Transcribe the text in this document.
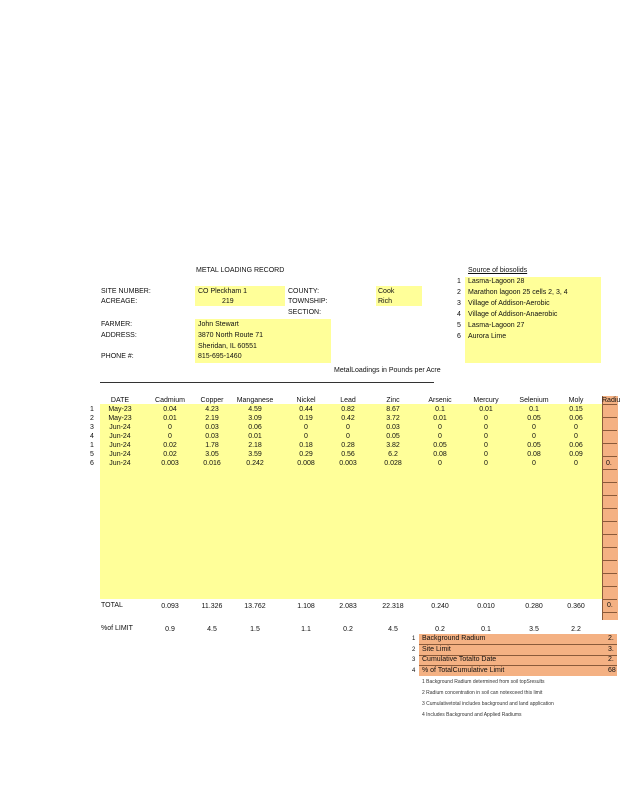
METAL LOADING RECORD
SITE NUMBER:	CO Pleckham 1
ACREAGE:	219
COUNTY:	Cook
TOWNSHIP:	Rich
SECTION:
FARMER:	John Stewart
ADDRESS:	3870 North Route 71
Sheridan, IL 60551
PHONE #:	815-695-1460
MetalLoadings in Pounds per Acre
Source of biosolids
1 Lasma-Lagoon 28
2 Marathon lagoon 25 cells 2, 3, 4
3 Village of Addison-Aerobic
4 Village of Addison-Anaerobic
5 Lasma-Lagoon 27
6 Aurora Lime
DATE	Cadmium	Copper	Manganese	Nickel	Lead	Zinc	Arsenic	Mercury	Selenium	Moly	Radiu
1	May-23	0.04	4.23	4.59	0.44	0.82	8.67	0.1	0.01	0.1	0.15
2	May-23	0.01	2.19	3.09	0.19	0.42	3.72	0.01	0	0.05	0.06
3	Jun-24	0	0.03	0.06	0	0	0.03	0	0	0	0
4	Jun-24	0	0.03	0.01	0	0	0.05	0	0	0	0
1	Jun-24	0.02	1.78	2.18	0.18	0.28	3.82	0.05	0	0.05	0.06
5	Jun-24	0.02	3.05	3.59	0.29	0.56	6.2	0.08	0	0.08	0.09
6	Jun-24	0.003	0.016	0.242	0.008	0.003	0.028	0	0	0	0	0.
TOTAL	0.093	11.326	13.762	1.108	2.083	22.318	0.240	0.010	0.280	0.360	0.
%of LIMIT	0.9	4.5	1.5	1.1	0.2	4.5	0.2	0.1	3.5	2.2
1 Background Radium	2.
2 Site Limit	3.
3 Cumulative Totalto Date	2.
4 % of TotalCumulative Limit	68
1 Background Radium determined from soil topSresults
2 Radium concentration in soil can notexceed this limit
3 Cumulativetotal includes background and land application
4 Includes Background and Applied Radiums
